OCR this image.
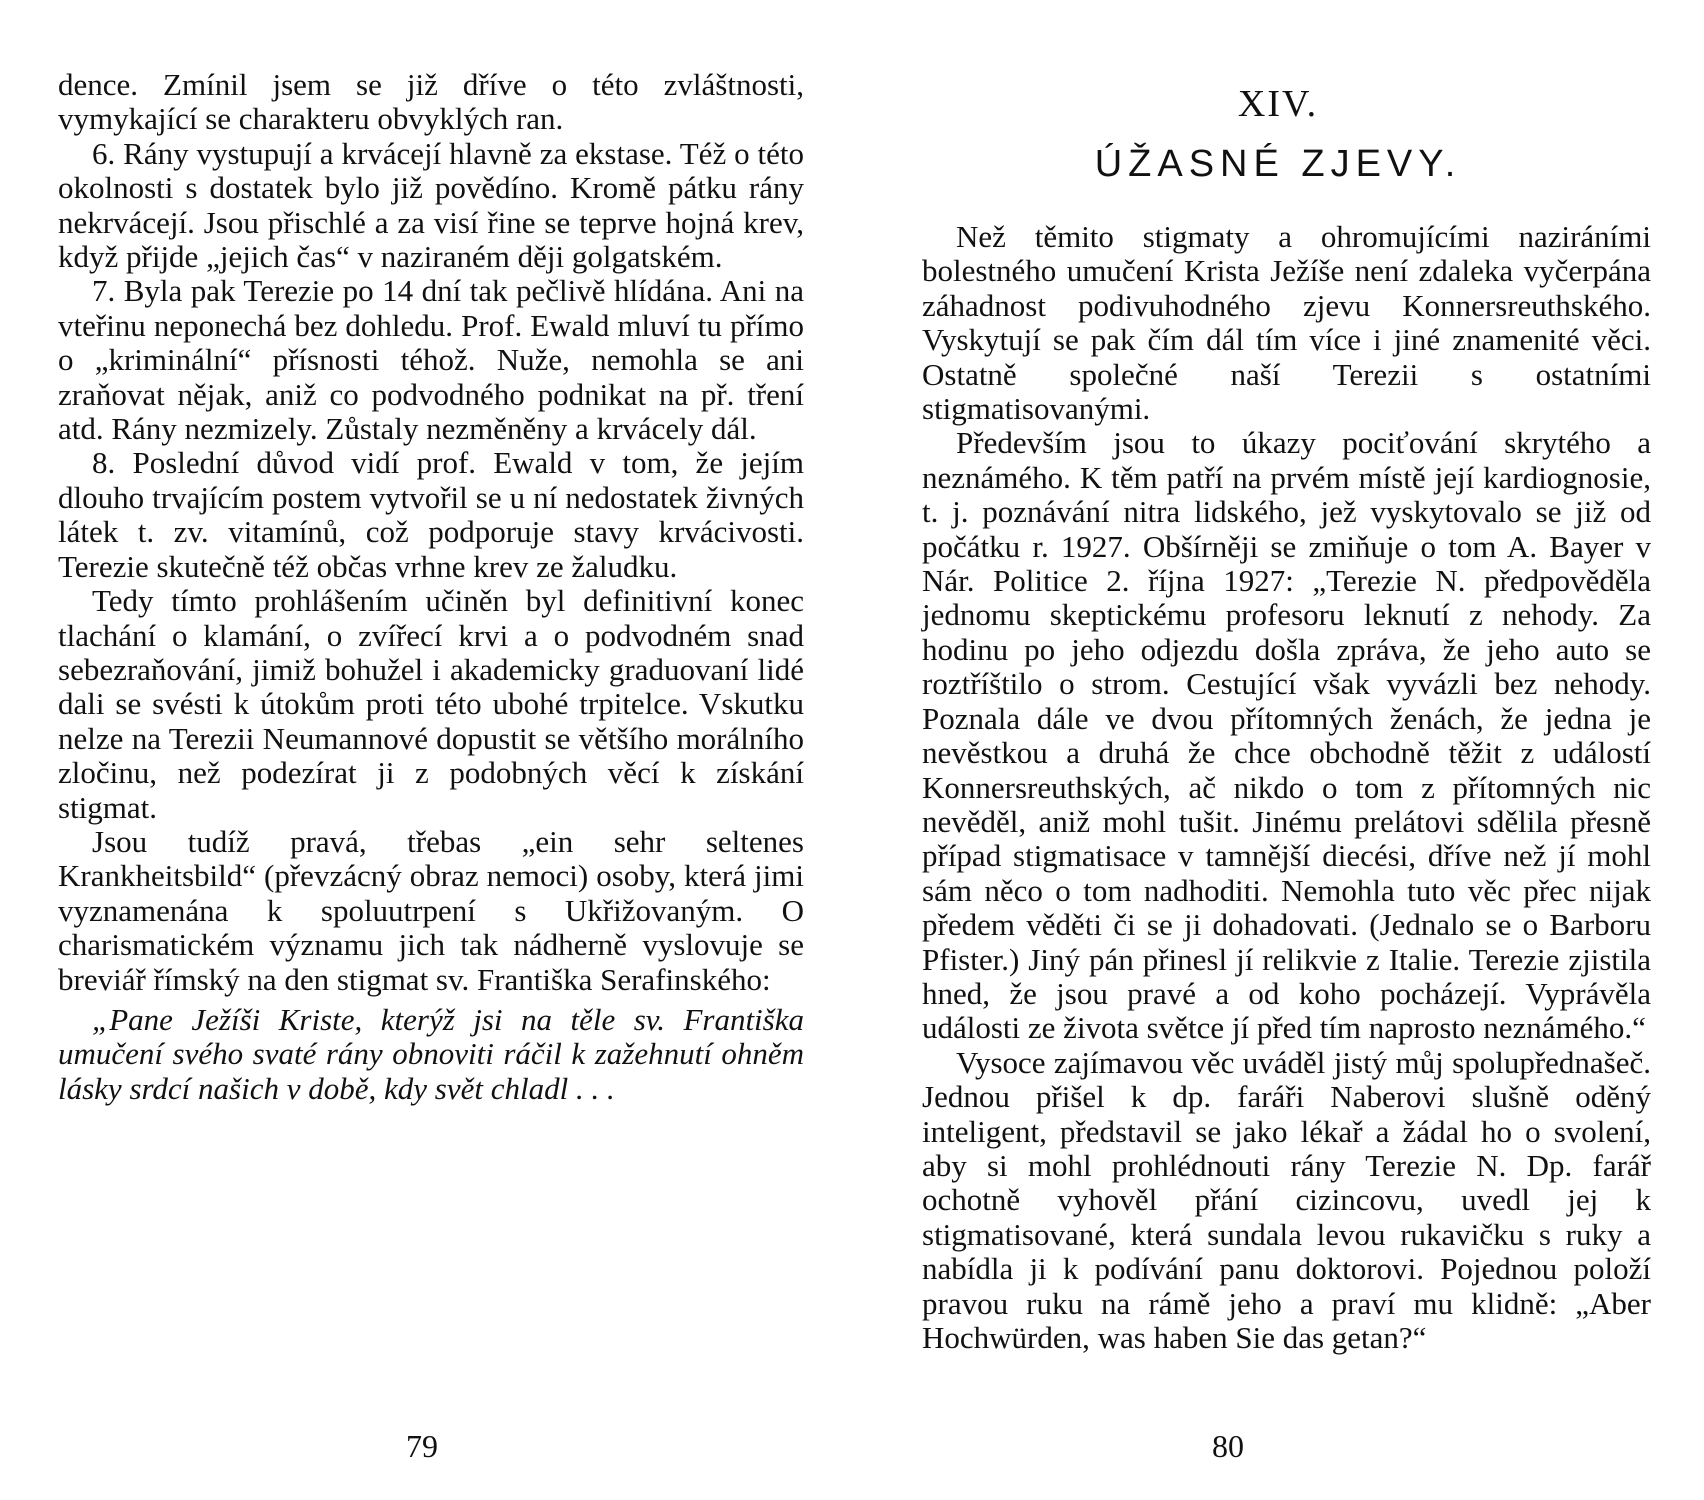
dence. Zmínil jsem se již dříve o této zvláštnosti, vymykající se charakteru obvyklých ran.

6. Rány vystupují a krvácejí hlavně za ekstase. Též o této okolnosti s dostatek bylo již povědíno. Kromě pátku rány nekrvácejí. Jsou přischlé a za visí řine se teprve hojná krev, když přijde „jejich čas“ v naziraném ději golgatském.

7. Byla pak Terezie po 14 dní tak pečlivě hlídána. Ani na vteřinu neponechá bez dohledu. Prof. Ewald mluví tu přímo o „kriminální“ přísnosti téhož. Nuže, nemohla se ani zraňovat nějak, aniž co podvodného podnikat na př. tření atd. Rány nezmizely. Zůstaly nezměněny a krvácely dál.

8. Poslední důvod vidí prof. Ewald v tom, že jejím dlouho trvajícím postem vytvořil se u ní nedostatek živných látek t. zv. vitamínů, což podporuje stavy krvácivosti. Terezie skutečně též občas vrhne krev ze žaludku.

Tedy tímto prohlášením učiněn byl definitivní konec tlachání o klamání, o zvířecí krvi a o podvodném snad sebezraňování, jimiž bohužel i akademicky graduovaní lidé dali se svésti k útokům proti této ubohé trpitelce. Vskutku nelze na Terezii Neumannové dopustit se většího morálního zločinu, než podezírat ji z podobných věcí k získání stigmat.

Jsou tudíž pravá, třebas „ein sehr seltenes Krankheitsbild“ (převzácný obraz nemoci) osoby, která jimi vyznamenána k spoluutrpení s Ukřižovaným. O charismatickém významu jich tak nádherně vyslovuje se breviář římský na den stigmat sv. Františka Serafinského:

„Pane Ježíši Kriste, kterýž jsi na těle sv. Františka umučení svého svaté rány obnoviti ráčil k zažehnutí ohněm lásky srdcí našich v době, kdy svět chladl . . .

79
XIV.
ÚŽASNÉ ZJEVY.

Než těmito stigmaty a ohromujícími naziráními bolestného umučení Krista Ježíše není zdaleka vyčerpána záhadnost podivuhodného zjevu Konnersreuthského. Vyskytují se pak čím dál tím více i jiné znamenité věci. Ostatně společné naší Terezii s ostatními stigmatisovanými.

Především jsou to úkazy pociťování skrytého a neznámého. K těm patří na prvém místě její kardiognosie, t. j. poznávání nitra lidského, jež vyskytovalo se již od počátku r. 1927. Obšírněji se zmiňuje o tom A. Bayer v Nár. Politice 2. října 1927: „Terezie N. předpověděla jednomu skeptickému profesoru leknutí z nehody. Za hodinu po jeho odjezdu došla zpráva, že jeho auto se roztříštilo o strom. Cestující však vyvázli bez nehody. Poznala dále ve dvou přítomných ženách, že jedna je nevěstkou a druhá že chce obchodně těžit z událostí Konnersreuthských, ač nikdo o tom z přítomných nic nevěděl, aniž mohl tušit. Jinému prelátovi sdělila přesně případ stigmatisace v tamnější diecési, dříve než jí mohl sám něco o tom nadhoditi. Nemohla tuto věc přec nijak předem věděti či se ji dohadovati. (Jednalo se o Barboru Pfister.) Jiný pán přinesl jí relikvie z Italie. Terezie zjistila hned, že jsou pravé a od koho pocházejí. Vyprávěla události ze života světce jí před tím naprosto neznámého.“

Vysoce zajímavou věc uváděl jistý můj spolupřednašeč. Jednou přišel k dp. faráři Naberovi slušně oděný inteligent, představil se jako lékař a žádal ho o svolení, aby si mohl prohlédnouti rány Terezie N. Dp. farář ochotně vyhověl přání cizincovu, uvedl jej k stigmatisované, která sundala levou rukavičku s ruky a nabídla ji k podívání panu doktorovi. Pojednou položí pravou ruku na rámě jeho a praví mu klidně: „Aber Hochwürden, was haben Sie das getan?“

80
